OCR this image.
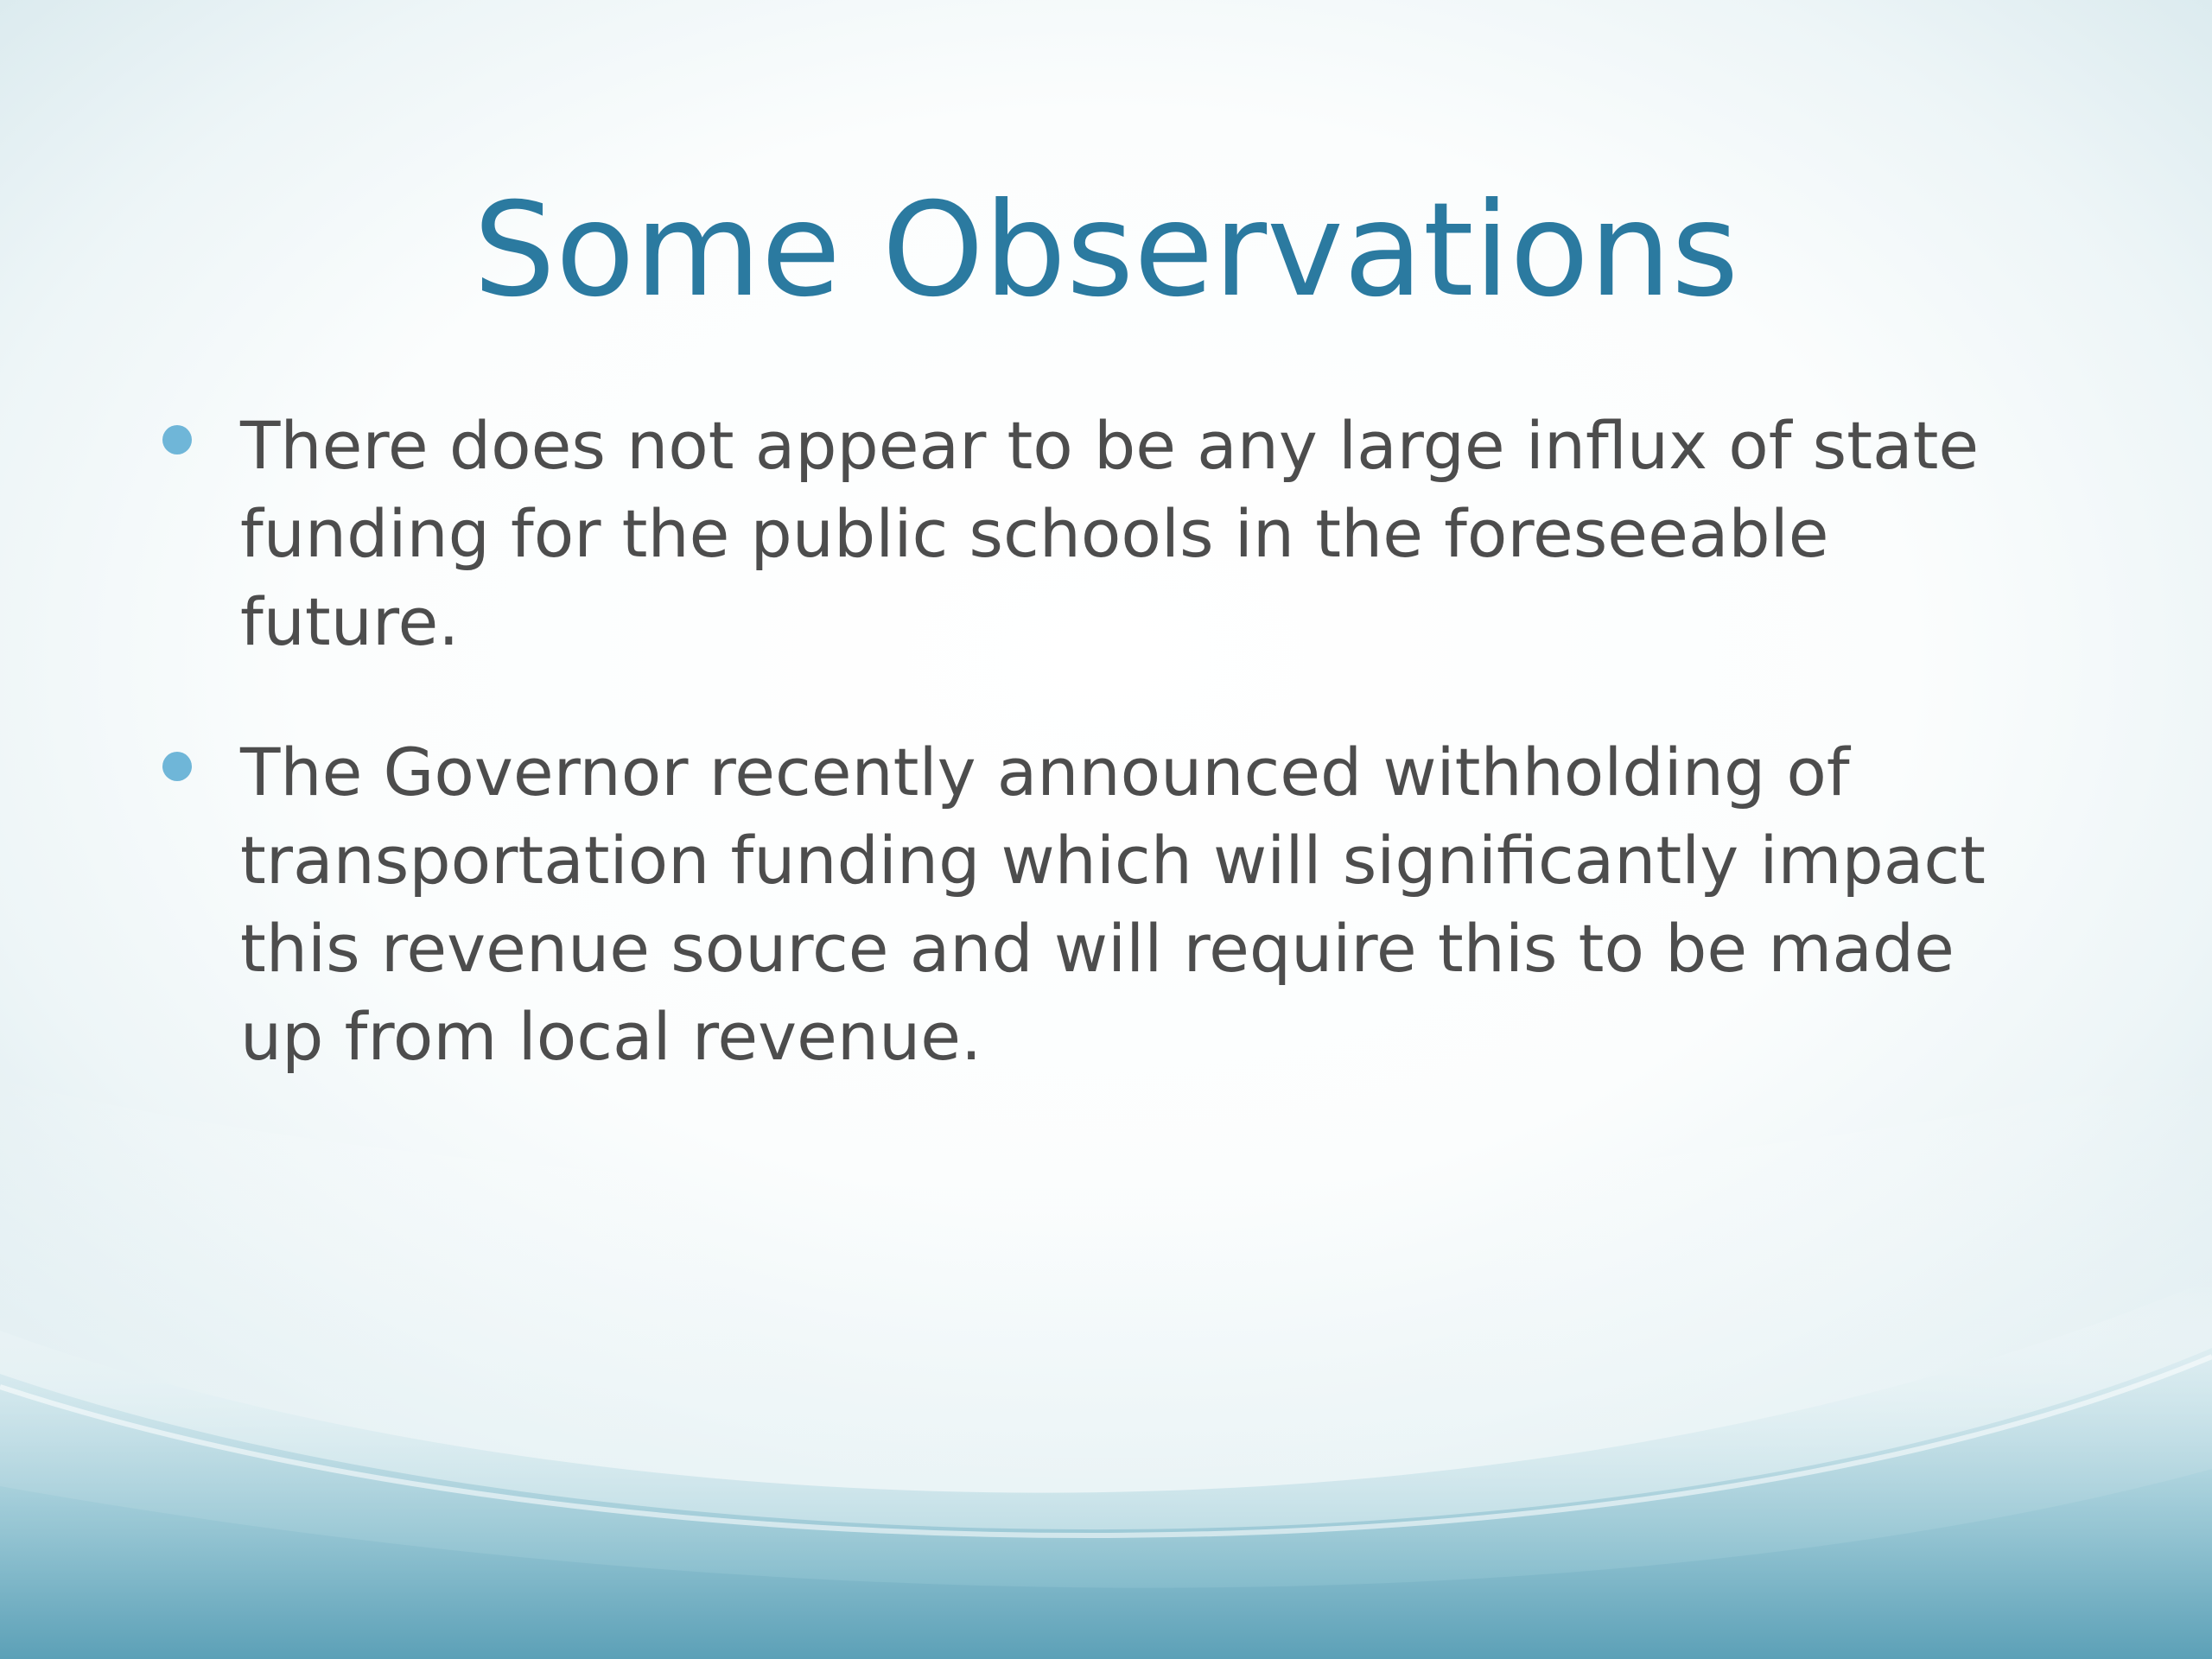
Some Observations
There does not appear to be any large influx of state funding for the public schools in the foreseeable future.
The Governor recently announced withholding of transportation funding which will significantly impact this revenue source and will require this to be made up from local revenue.
